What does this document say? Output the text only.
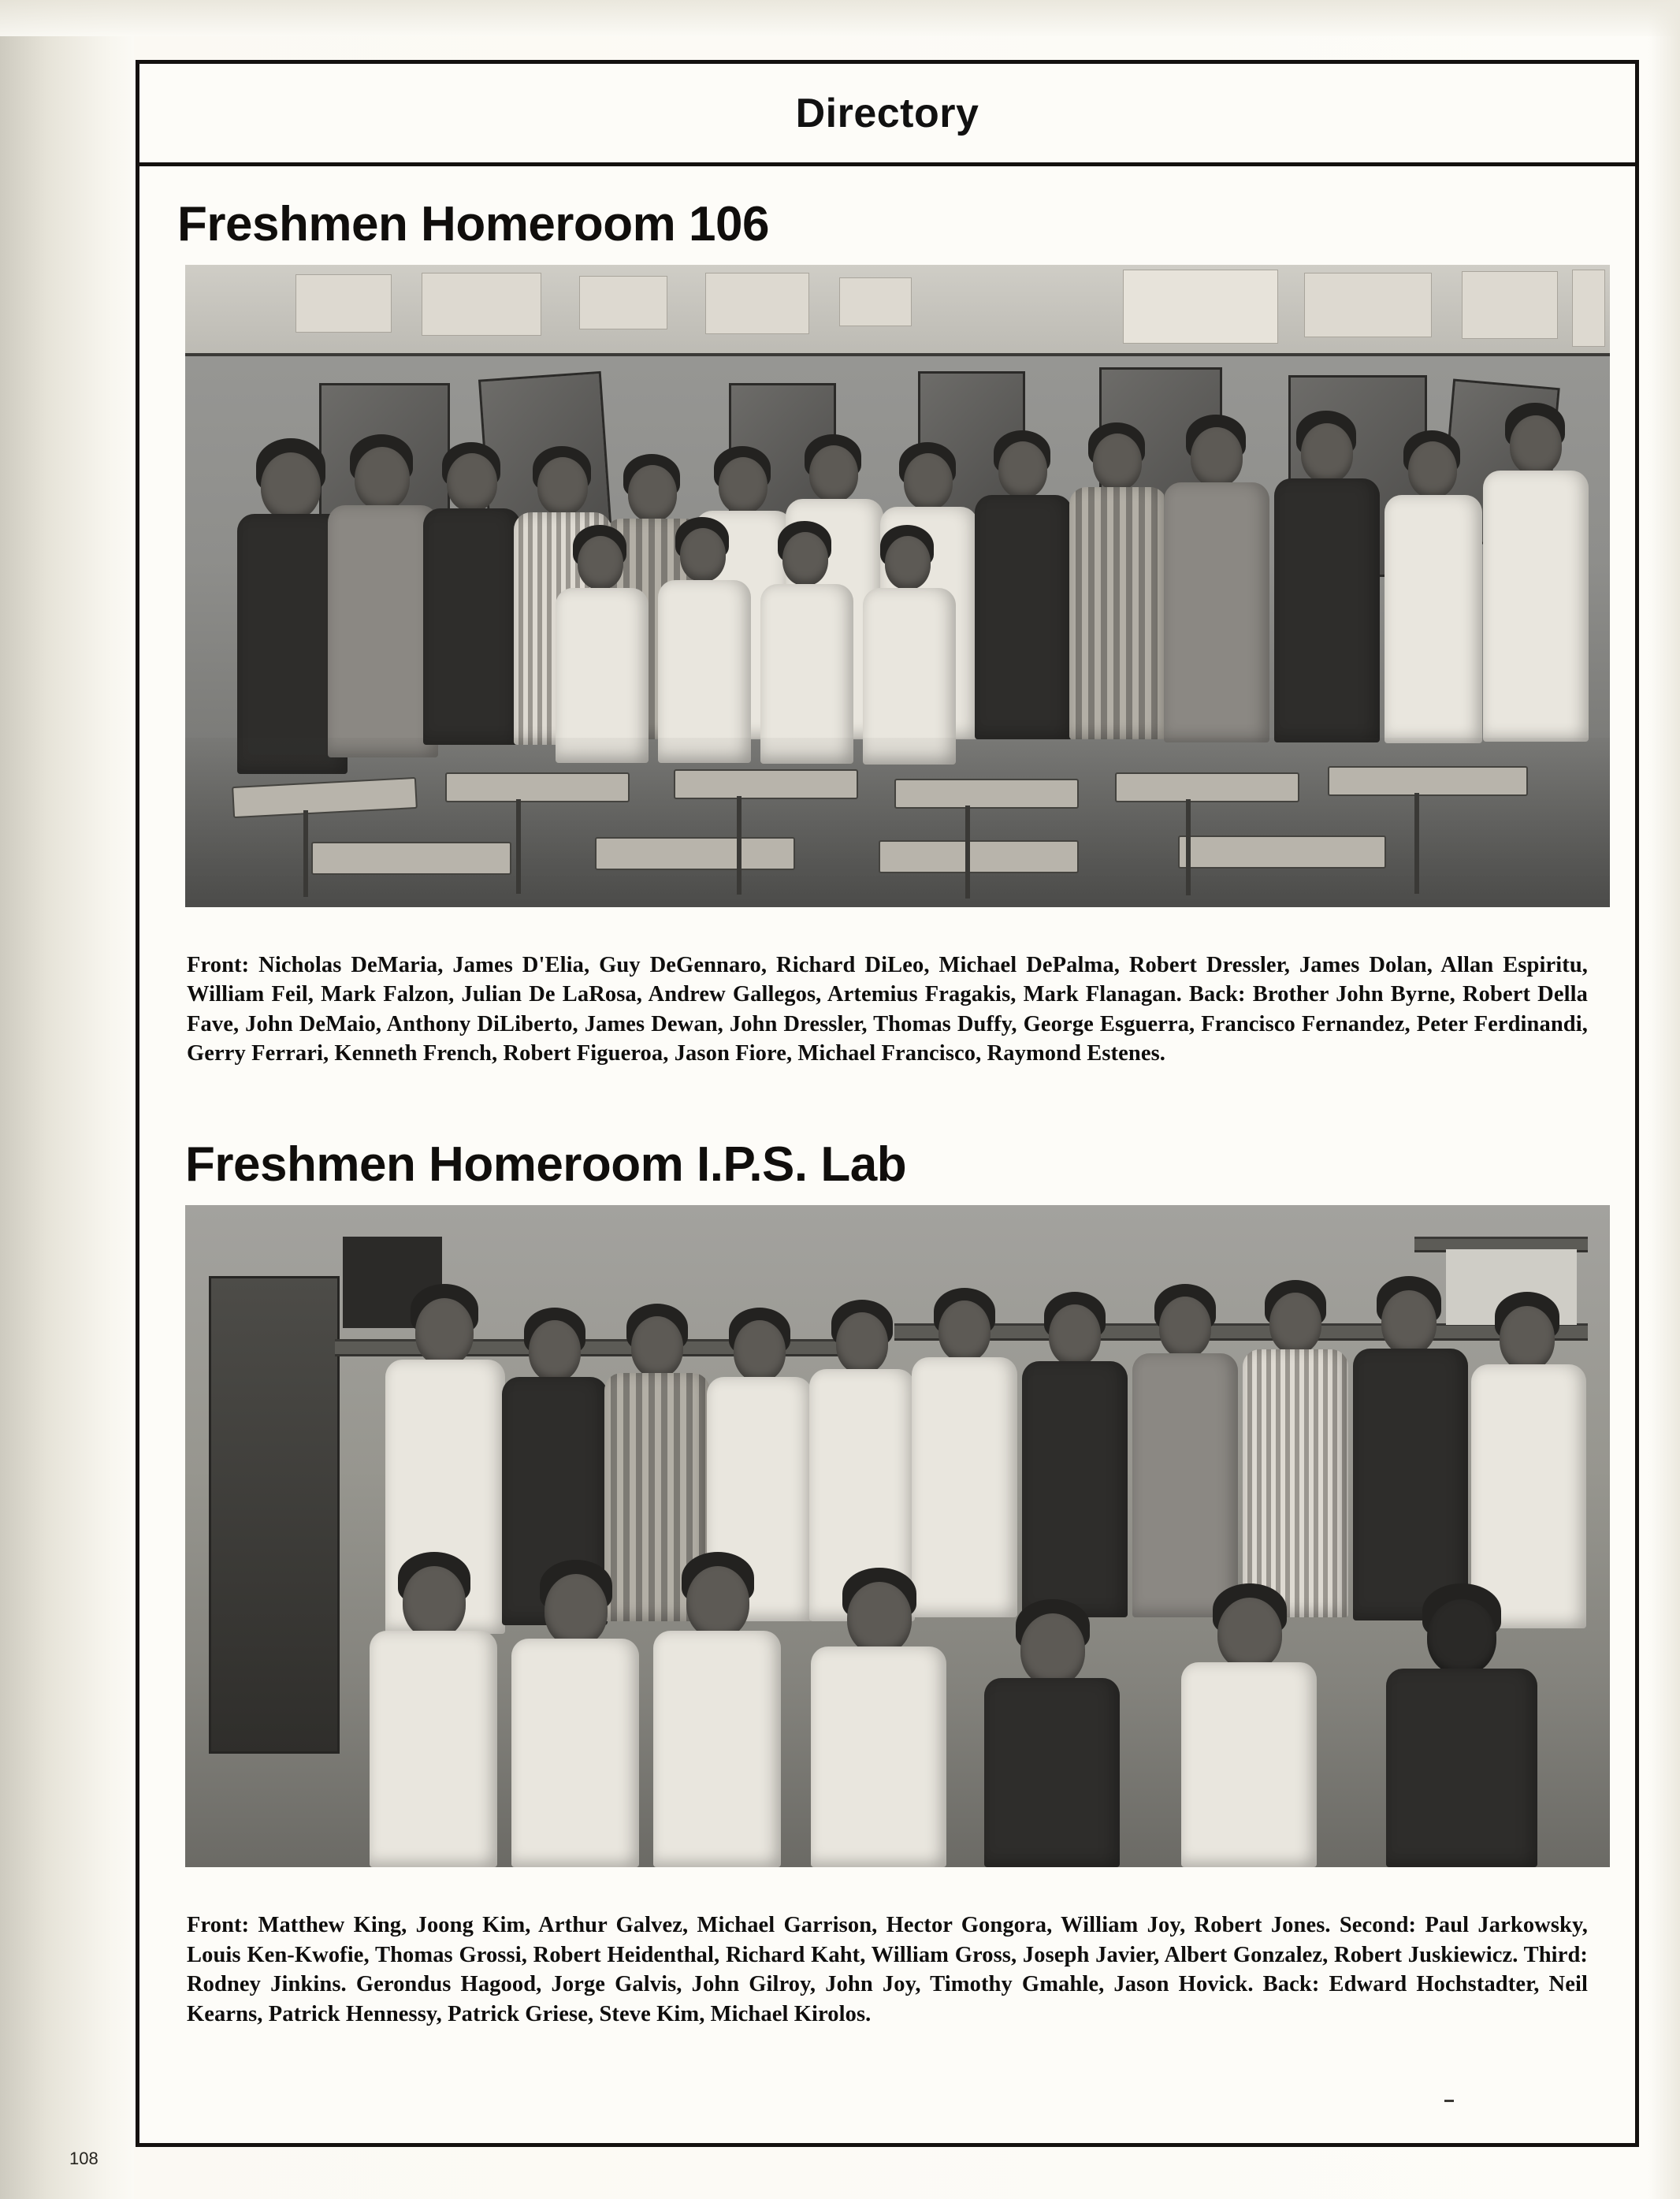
Directory
Freshmen Homeroom 106

Front: Nicholas DeMaria, James D'Elia, Guy DeGennaro, Richard DiLeo, Michael DePalma, Robert Dressler, James Dolan, Allan Espiritu, William Feil, Mark Falzon, Julian De LaRosa, Andrew Gallegos, Artemius Fragakis, Mark Flanagan. Back: Brother John Byrne, Robert Della Fave, John DeMaio, Anthony DiLiberto, James Dewan, John Dressler, Thomas Duffy, George Esguerra, Francisco Fernandez, Peter Ferdinandi, Gerry Ferrari, Kenneth French, Robert Figueroa, Jason Fiore, Michael Francisco, Raymond Estenes.

Freshmen Homeroom I.P.S. Lab

Front: Matthew King, Joong Kim, Arthur Galvez, Michael Garrison, Hector Gongora, William Joy, Robert Jones. Second: Paul Jarkowsky, Louis Ken-Kwofie, Thomas Grossi, Robert Heidenthal, Richard Kaht, William Gross, Joseph Javier, Albert Gonzalez, Robert Juskiewicz. Third: Rodney Jinkins. Gerondus Hagood, Jorge Galvis, John Gilroy, John Joy, Timothy Gmahle, Jason Hovick. Back: Edward Hochstadter, Neil Kearns, Patrick Hennessy, Patrick Griese, Steve Kim, Michael Kirolos.

108
